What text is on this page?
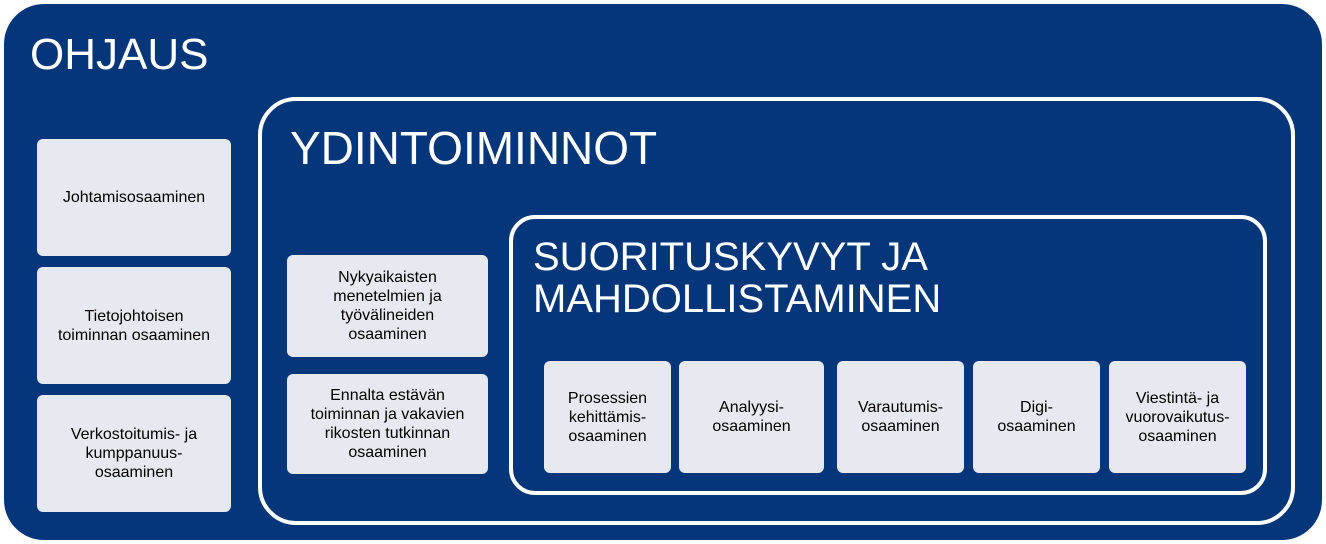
OHJAUS
Johtamisosaaminen
Tietojohtoisen
toiminnan osaaminen
Verkostoitumis- ja
kumppanuus-
osaaminen
YDINTOIMINNOT
Nykyaikaisten
menetelmien ja
työvälineiden
osaaminen
Ennalta estävän
toiminnan ja vakavien
rikosten tutkinnan
osaaminen
SUORITUSKYVYT JA
MAHDOLLISTAMINEN
Prosessien
kehittämis-
osaaminen
Analyysi-
osaaminen
Varautumis-
osaaminen
Digi-
osaaminen
Viestintä- ja
vuorovaikutus-
osaaminen
